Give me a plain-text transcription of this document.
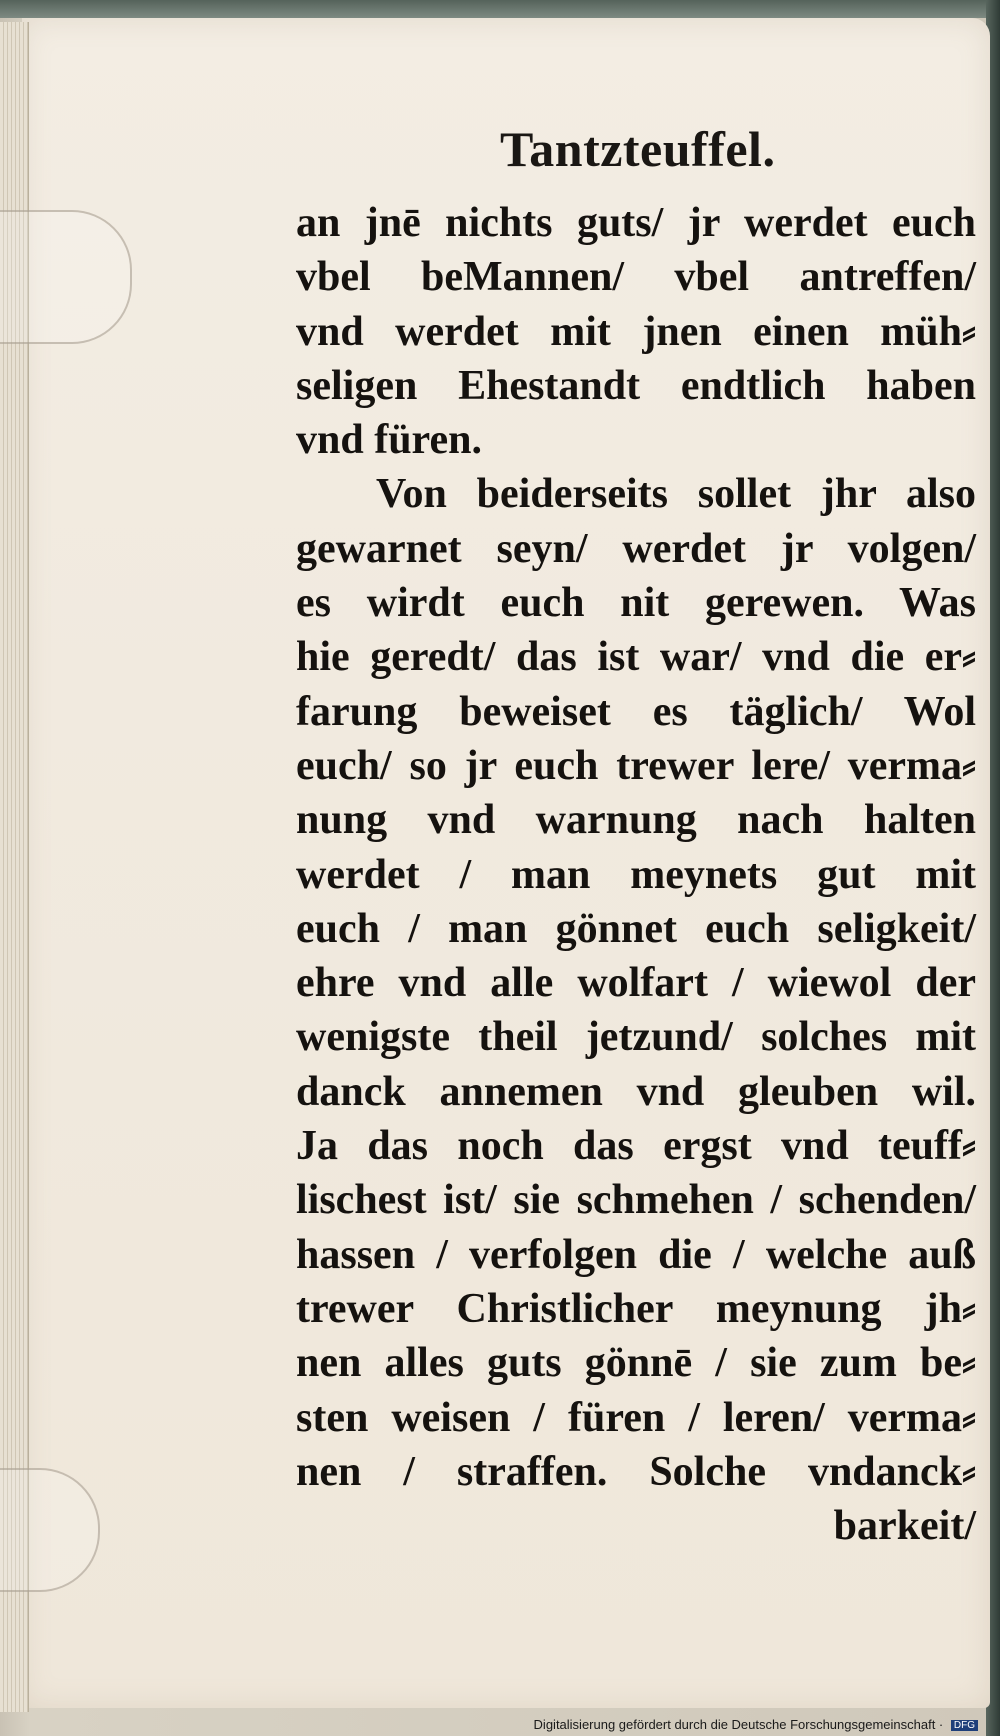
Tantzteuffel.
an jnē nichts guts/ jr werdet euch
vbel beMannen/ vbel antreffen/
vnd werdet mit jnen einen müh⸗
seligen Ehestandt endtlich haben
vnd füren.
Von beiderseits sollet jhr also
gewarnet seyn/ werdet jr volgen/
es wirdt euch nit gerewen. Was
hie geredt/ das ist war/ vnd die er⸗
farung beweiset es täglich/ Wol
euch/ so jr euch trewer lere/ verma⸗
nung vnd warnung nach halten
werdet / man meynets gut mit
euch / man gönnet euch seligkeit/
ehre vnd alle wolfart / wiewol der
wenigste theil jetzund/ solches mit
danck annemen vnd gleuben wil.
Ja das noch das ergst vnd teuff⸗
lischest ist/ sie schmehen / schenden/
hassen / verfolgen die / welche auß
trewer Christlicher meynung jh⸗
nen alles guts gönnē / sie zum be⸗
sten weisen / füren / leren/ verma⸗
nen / straffen. Solche vndanck⸗
barkeit/
Digitalisierung gefördert durch die Deutsche Forschungsgemeinschaft · DFG
